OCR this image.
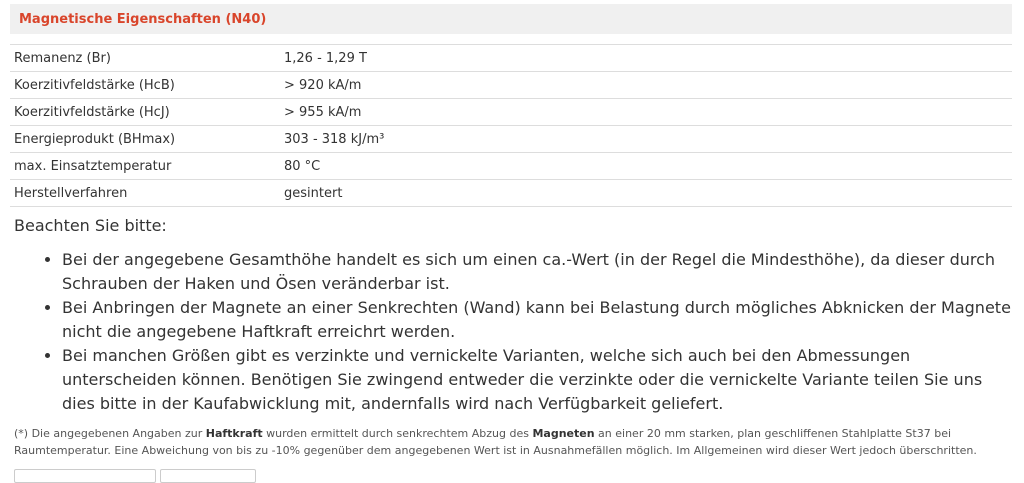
Magnetische Eigenschaften (N40)
Remanenz (Br)	1,26 - 1,29 T
Koerzitivfeldstärke (HcB)	> 920 kA/m
Koerzitivfeldstärke (HcJ)	> 955 kA/m
Energieprodukt (BHmax)	303 - 318 kJ/m³
max. Einsatztemperatur	80 °C
Herstellverfahren	gesintert
Beachten Sie bitte:
• Bei der angegebene Gesamthöhe handelt es sich um einen ca.-Wert (in der Regel die Mindesthöhe), da dieser durch Schrauben der Haken und Ösen veränderbar ist.
• Bei Anbringen der Magnete an einer Senkrechten (Wand) kann bei Belastung durch mögliches Abknicken der Magnete nicht die angegebene Haftkraft erreichrt werden.
• Bei manchen Größen gibt es verzinkte und vernickelte Varianten, welche sich auch bei den Abmessungen unterscheiden können. Benötigen Sie zwingend entweder die verzinkte oder die vernickelte Variante teilen Sie uns dies bitte in der Kaufabwicklung mit, andernfalls wird nach Verfügbarkeit geliefert.

(*) Die angegebenen Angaben zur Haftkraft wurden ermittelt durch senkrechtem Abzug des Magneten an einer 20 mm starken, plan geschliffenen Stahlplatte St37 bei Raumtemperatur. Eine Abweichung von bis zu -10% gegenüber dem angegebenen Wert ist in Ausnahmefällen möglich. Im Allgemeinen wird dieser Wert jedoch überschritten.
